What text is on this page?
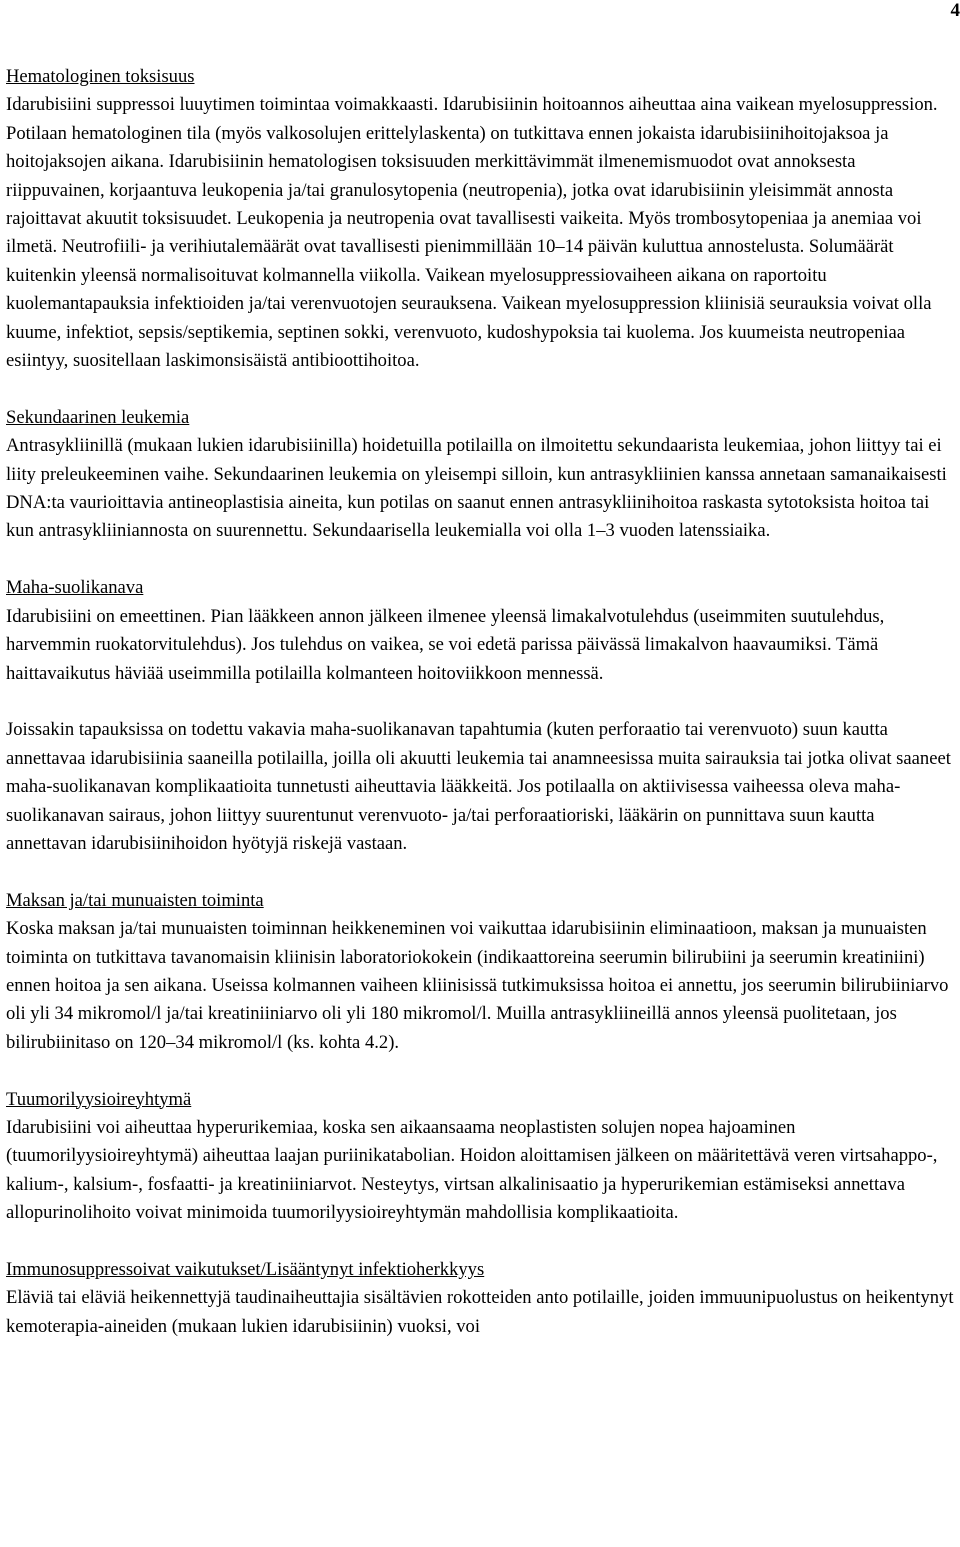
4
Hematologinen toksisuus

Idarubisiini suppressoi luuytimen toimintaa voimakkaasti. Idarubisiinin hoitoannos aiheuttaa aina vaikean myelosuppression. Potilaan hematologinen tila (myös valkosolujen erittelylaskenta) on tutkittava ennen jokaista idarubisiinihoitojaksoa ja hoitojaksojen aikana. Idarubisiinin hematologisen toksisuuden merkittävimmät ilmenemismuodot ovat annoksesta riippuvainen, korjaantuva leukopenia ja/tai granulosytopenia (neutropenia), jotka ovat idarubisiinin yleisimmät annosta rajoittavat akuutit toksisuudet. Leukopenia ja neutropenia ovat tavallisesti vaikeita. Myös trombosytopeniaa ja anemiaa voi ilmetä. Neutrofiili- ja verihiutalemäärät ovat tavallisesti pienimmillään 10–14 päivän kuluttua annostelusta. Solumäärät kuitenkin yleensä normalisoituvat kolmannella viikolla. Vaikean myelosuppressiovaiheen aikana on raportoitu kuolemantapauksia infektioiden ja/tai verenvuotojen seurauksena. Vaikean myelosuppression kliinisiä seurauksia voivat olla kuume, infektiot, sepsis/septikemia, septinen sokki, verenvuoto, kudoshypoksia tai kuolema. Jos kuumeista neutropeniaa esiintyy, suositellaan laskimonsisäistä antibioottihoitoa.

Sekundaarinen leukemia

Antrasykliinillä (mukaan lukien idarubisiinilla) hoidetuilla potilailla on ilmoitettu sekundaarista leukemiaa, johon liittyy tai ei liity preleukeeminen vaihe. Sekundaarinen leukemia on yleisempi silloin, kun antrasykliinien kanssa annetaan samanaikaisesti DNA:ta vaurioittavia antineoplastisia aineita, kun potilas on saanut ennen antrasykliinihoitoa raskasta sytotoksista hoitoa tai kun antrasykliiniannosta on suurennettu. Sekundaarisella leukemialla voi olla 1–3 vuoden latenssiaika.

Maha-suolikanava

Idarubisiini on emeettinen. Pian lääkkeen annon jälkeen ilmenee yleensä limakalvotulehdus (useimmiten suutulehdus, harvemmin ruokatorvitulehdus). Jos tulehdus on vaikea, se voi edetä parissa päivässä limakalvon haavaumiksi. Tämä haittavaikutus häviää useimmilla potilailla kolmanteen hoitoviikkoon mennessä.

Joissakin tapauksissa on todettu vakavia maha-suolikanavan tapahtumia (kuten perforaatio tai verenvuoto) suun kautta annettavaa idarubisiinia saaneilla potilailla, joilla oli akuutti leukemia tai anamneesissa muita sairauksia tai jotka olivat saaneet maha-suolikanavan komplikaatioita tunnetusti aiheuttavia lääkkeitä. Jos potilaalla on aktiivisessa vaiheessa oleva maha-suolikanavan sairaus, johon liittyy suurentunut verenvuoto- ja/tai perforaatioriski, lääkärin on punnittava suun kautta annettavan idarubisiinihoidon hyötyjä riskejä vastaan.

Maksan ja/tai munuaisten toiminta

Koska maksan ja/tai munuaisten toiminnan heikkeneminen voi vaikuttaa idarubisiinin eliminaatioon, maksan ja munuaisten toiminta on tutkittava tavanomaisin kliinisin laboratoriokokein (indikaattoreina seerumin bilirubiini ja seerumin kreatiniini) ennen hoitoa ja sen aikana. Useissa kolmannen vaiheen kliinisissä tutkimuksissa hoitoa ei annettu, jos seerumin bilirubiiniarvo oli yli 34 mikromol/l ja/tai kreatiniiniarvo oli yli 180 mikromol/l. Muilla antrasykliineillä annos yleensä puolitetaan, jos bilirubiinitaso on 120–34 mikromol/l (ks. kohta 4.2).

Tuumorilyysioireyhtymä

Idarubisiini voi aiheuttaa hyperurikemiaa, koska sen aikaansaama neoplastisten solujen nopea hajoaminen (tuumorilyysioireyhtymä) aiheuttaa laajan puriinikatabolian. Hoidon aloittamisen jälkeen on määritettävä veren virtsahappo-, kalium-, kalsium-, fosfaatti- ja kreatiniiniarvot. Nesteytys, virtsan alkalinisaatio ja hyperurikemian estämiseksi annettava allopurinolihoito voivat minimoida tuumorilyysioireyhtymän mahdollisia komplikaatioita.

Immunosuppressoivat vaikutukset/Lisääntynyt infektioherkkyys

Eläviä tai eläviä heikennettyjä taudinaiheuttajia sisältävien rokotteiden anto potilaille, joiden immuunipuolustus on heikentynyt kemoterapia-aineiden (mukaan lukien idarubisiinin) vuoksi, voi
